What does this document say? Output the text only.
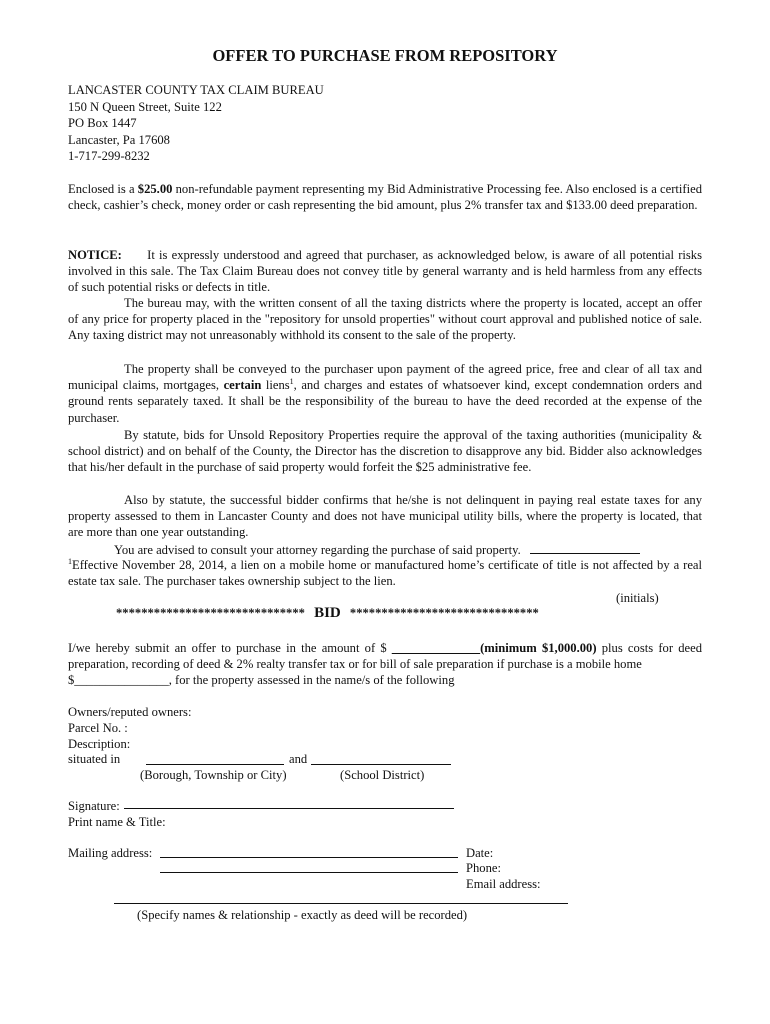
OFFER TO PURCHASE FROM REPOSITORY
LANCASTER COUNTY TAX CLAIM BUREAU
150 N Queen Street, Suite 122
PO Box 1447
Lancaster, Pa 17608
1-717-299-8232
Enclosed is a $25.00 non-refundable payment representing my Bid Administrative Processing fee. Also enclosed is a certified check, cashier’s check, money order or cash representing the bid amount, plus 2% transfer tax and $133.00 deed preparation.
NOTICE: It is expressly understood and agreed that purchaser, as acknowledged below, is aware of all potential risks involved in this sale. The Tax Claim Bureau does not convey title by general warranty and is held harmless from any effects of such potential risks or defects in title.
The bureau may, with the written consent of all the taxing districts where the property is located, accept an offer of any price for property placed in the "repository for unsold properties" without court approval and published notice of sale. Any taxing district may not unreasonably withhold its consent to the sale of the property.
The property shall be conveyed to the purchaser upon payment of the agreed price, free and clear of all tax and municipal claims, mortgages, certain liens$^1$, and charges and estates of whatsoever kind, except condemnation orders and ground rents separately taxed. It shall be the responsibility of the bureau to have the deed recorded at the expense of the purchaser.
By statute, bids for Unsold Repository Properties require the approval of the taxing authorities (municipality & school district) and on behalf of the County, the Director has the discretion to disapprove any bid. Bidder also acknowledges that his/her default in the purchase of said property would forfeit the $25 administrative fee.
Also by statute, the successful bidder confirms that he/she is not delinquent in paying real estate taxes for any property assessed to them in Lancaster County and does not have municipal utility bills, where the property is located, that are more than one year outstanding.
You are advised to consult your attorney regarding the purchase of said property.
$^1$Effective November 28, 2014, a lien on a mobile home or manufactured home’s certificate of title is not affected by a real estate tax sale. The purchaser takes ownership subject to the lien.
(initials)
****************************** BID ******************************
I/we hereby submit an offer to purchase in the amount of $ ______________(minimum $1,000.00) plus costs for deed preparation, recording of deed & 2% realty transfer tax or for bill of sale preparation if purchase is a mobile home
$_______________, for the property assessed in the name/s of the following
Owners/reputed owners:
Parcel No. :
Description:
situated in	and
(Borough, Township or City)	(School District)
Signature:
Print name & Title:
Mailing address:	Date:
Phone:
Email address:
(Specify names & relationship - exactly as deed will be recorded)
